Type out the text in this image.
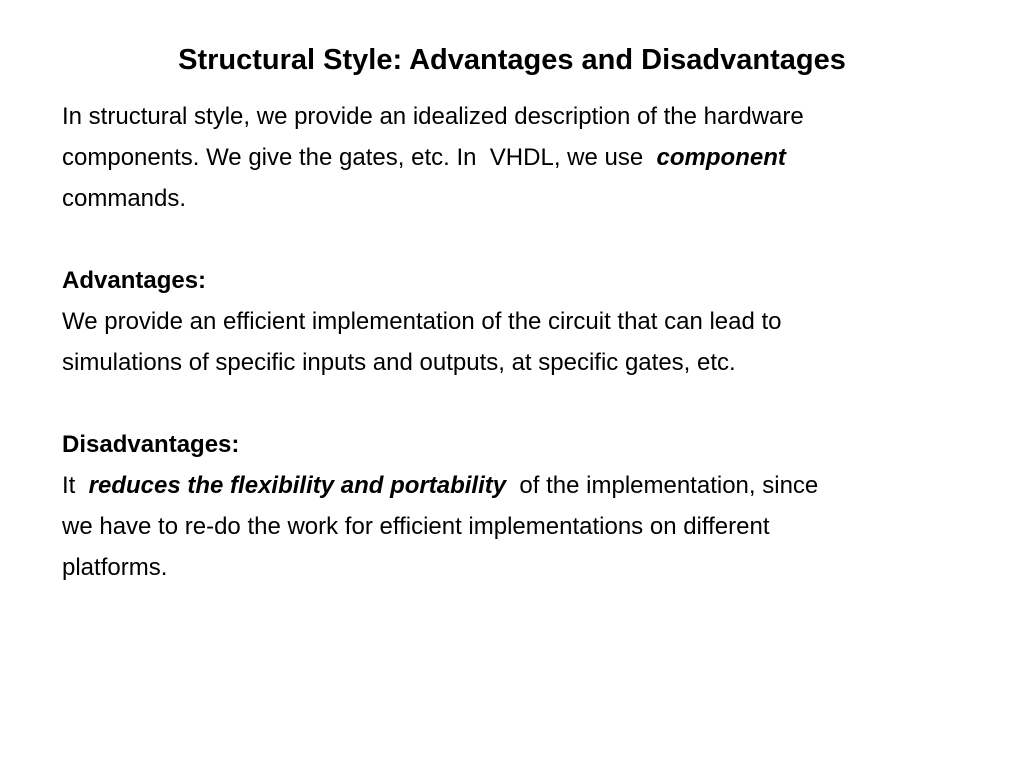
Structural Style: Advantages and Disadvantages

In structural style, we provide an idealized description of the hardware

components. We give the gates, etc. In  VHDL, we use  component

commands.

Advantages:

We provide an efficient implementation of the circuit that can lead to

simulations of specific inputs and outputs, at specific gates, etc.

Disadvantages:

It  reduces the flexibility and portability  of the implementation, since

we have to re-do the work for efficient implementations on different

platforms.
